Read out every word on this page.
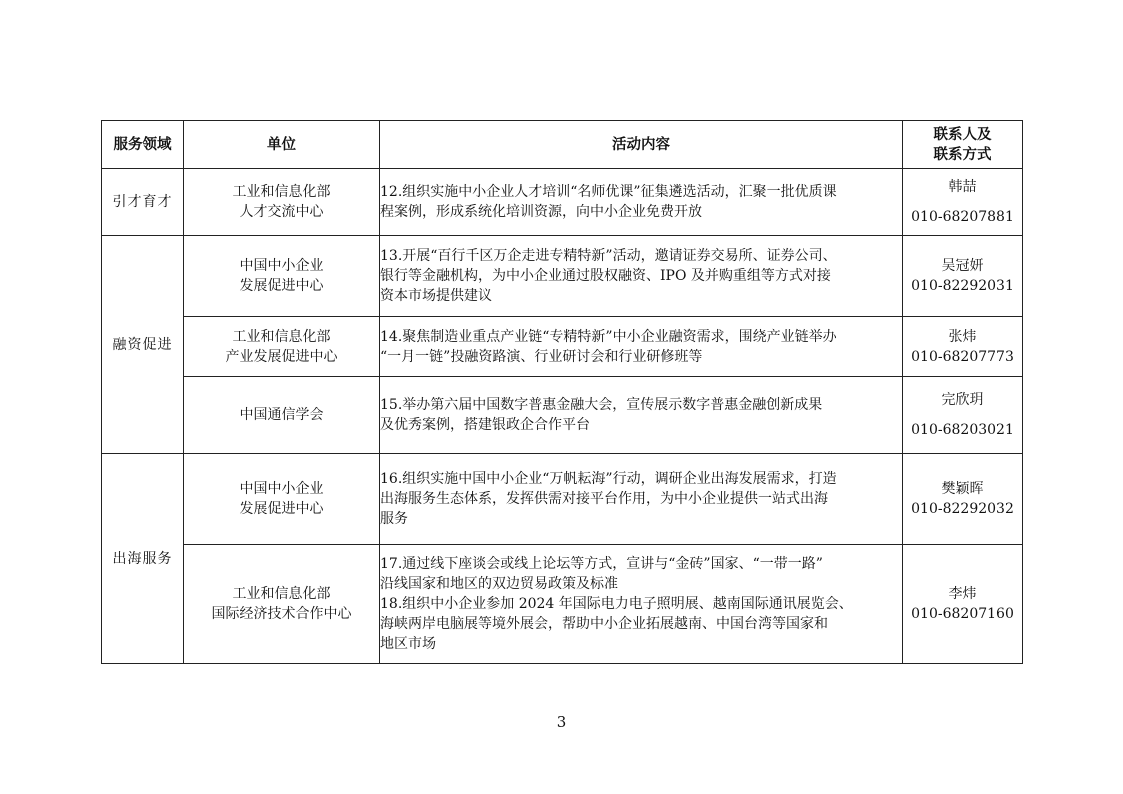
服务领域	单位	活动内容	联系人及
联系方式

引才育才	工业和信息化部
人才交流中心	12.组织实施中小企业人才培训“名师优课”征集遴选活动，汇聚一批优质课
程案例，形成系统化培训资源，向中小企业免费开放	韩喆
010-68207881

融资促进	中国中小企业
发展促进中心	13.开展“百行千区万企走进专精特新”活动，邀请证券交易所、证券公司、
银行等金融机构，为中小企业通过股权融资、IPO 及并购重组等方式对接
资本市场提供建议	吴冠妍
010-82292031

	工业和信息化部
产业发展促进中心	14.聚焦制造业重点产业链“专精特新”中小企业融资需求，围绕产业链举办
“一月一链”投融资路演、行业研讨会和行业研修班等	张炜
010-68207773

	中国通信学会	15.举办第六届中国数字普惠金融大会，宣传展示数字普惠金融创新成果
及优秀案例，搭建银政企合作平台	完欣玥
010-68203021

出海服务	中国中小企业
发展促进中心	16.组织实施中国中小企业“万帆耘海”行动，调研企业出海发展需求，打造
出海服务生态体系，发挥供需对接平台作用，为中小企业提供一站式出海
服务	樊颖晖
010-82292032

	工业和信息化部
国际经济技术合作中心	17.通过线下座谈会或线上论坛等方式，宣讲与“金砖”国家、“一带一路”
沿线国家和地区的双边贸易政策及标准
18.组织中小企业参加 2024 年国际电力电子照明展、越南国际通讯展览会、
海峡两岸电脑展等境外展会，帮助中小企业拓展越南、中国台湾等国家和
地区市场	李炜
010-68207160
3
